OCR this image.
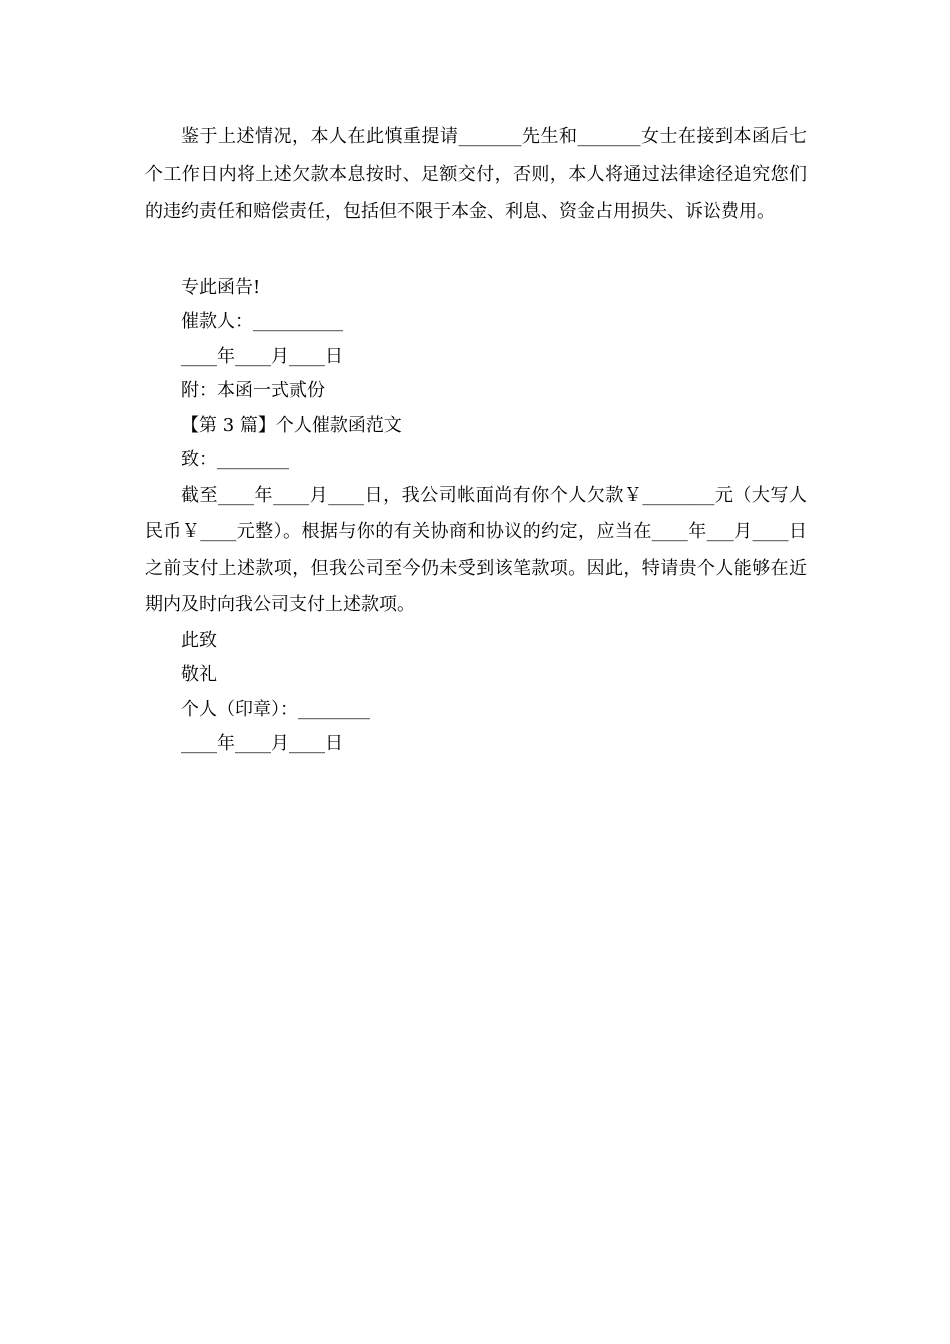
鉴于上述情况，本人在此慎重提请_______先生和_______女士在接到本函后七个工作日内将上述欠款本息按时、足额交付，否则，本人将通过法律途径追究您们的违约责任和赔偿责任，包括但不限于本金、利息、资金占用损失、诉讼费用。

专此函告!

催款人：__________

____年____月____日

附：本函一式贰份

【第 3 篇】个人催款函范文

致：________

截至____年____月____日，我公司帐面尚有你个人欠款￥________元（大写人民币￥____元整）。根据与你的有关协商和协议的约定，应当在____年___月____日之前支付上述款项，但我公司至今仍未受到该笔款项。因此，特请贵个人能够在近期内及时向我公司支付上述款项。

此致

敬礼

个人（印章）：________

____年____月____日
